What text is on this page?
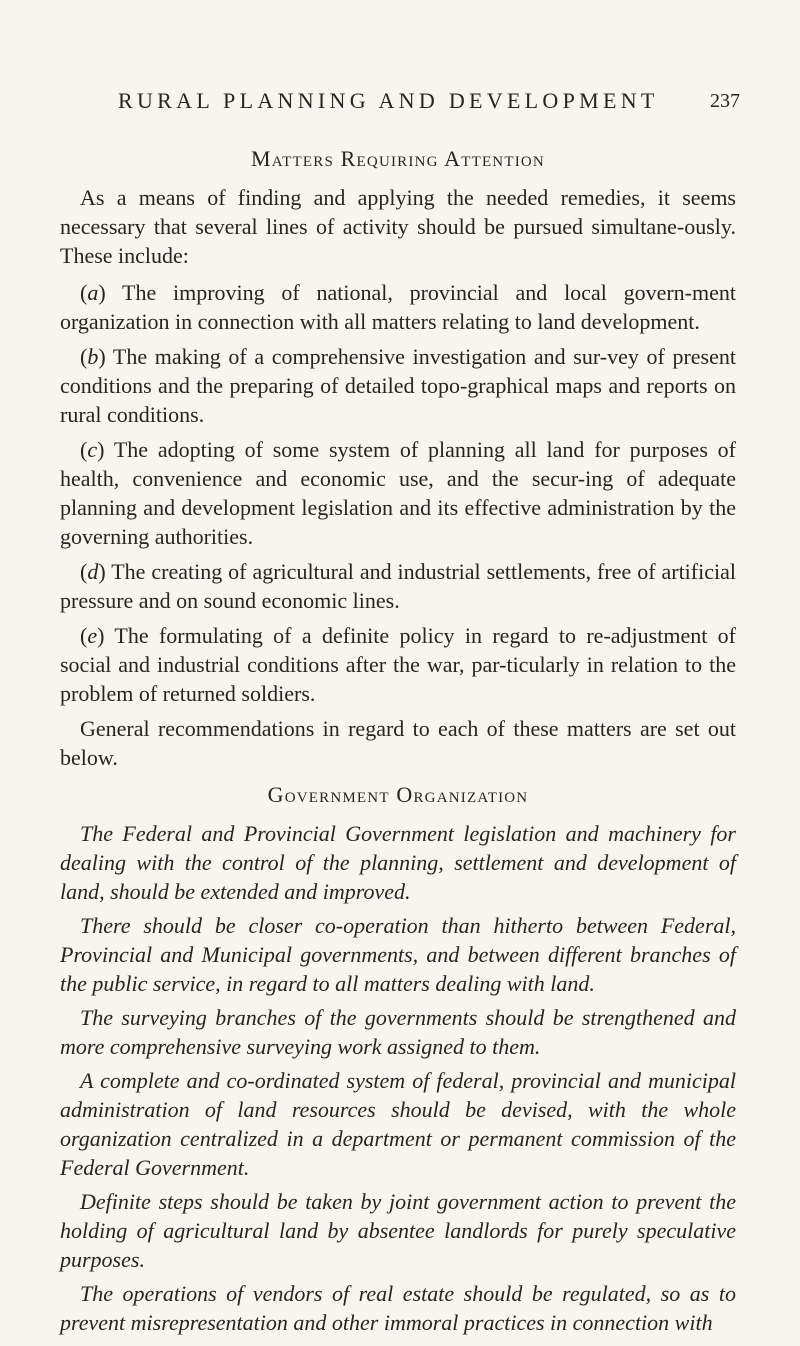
RURAL PLANNING AND DEVELOPMENT	237
Matters Requiring Attention

As a means of finding and applying the needed remedies, it seems necessary that several lines of activity should be pursued simultane-ously. These include:

(a) The improving of national, provincial and local govern-ment organization in connection with all matters relating to land development.

(b) The making of a comprehensive investigation and sur-vey of present conditions and the preparing of detailed topo-graphical maps and reports on rural conditions.

(c) The adopting of some system of planning all land for purposes of health, convenience and economic use, and the secur-ing of adequate planning and development legislation and its effective administration by the governing authorities.

(d) The creating of agricultural and industrial settlements, free of artificial pressure and on sound economic lines.

(e) The formulating of a definite policy in regard to re-adjustment of social and industrial conditions after the war, par-ticularly in relation to the problem of returned soldiers.

General recommendations in regard to each of these matters are set out below.

Government Organization

The Federal and Provincial Government legislation and machinery for dealing with the control of the planning, settlement and development of land, should be extended and improved.

There should be closer co-operation than hitherto between Federal, Provincial and Municipal governments, and between different branches of the public service, in regard to all matters dealing with land.

The surveying branches of the governments should be strengthened and more comprehensive surveying work assigned to them.

A complete and co-ordinated system of federal, provincial and municipal administration of land resources should be devised, with the whole organization centralized in a department or permanent commission of the Federal Government.

Definite steps should be taken by joint government action to prevent the holding of agricultural land by absentee landlords for purely speculative purposes.

The operations of vendors of real estate should be regulated, so as to prevent misrepresentation and other immoral practices in connection with
